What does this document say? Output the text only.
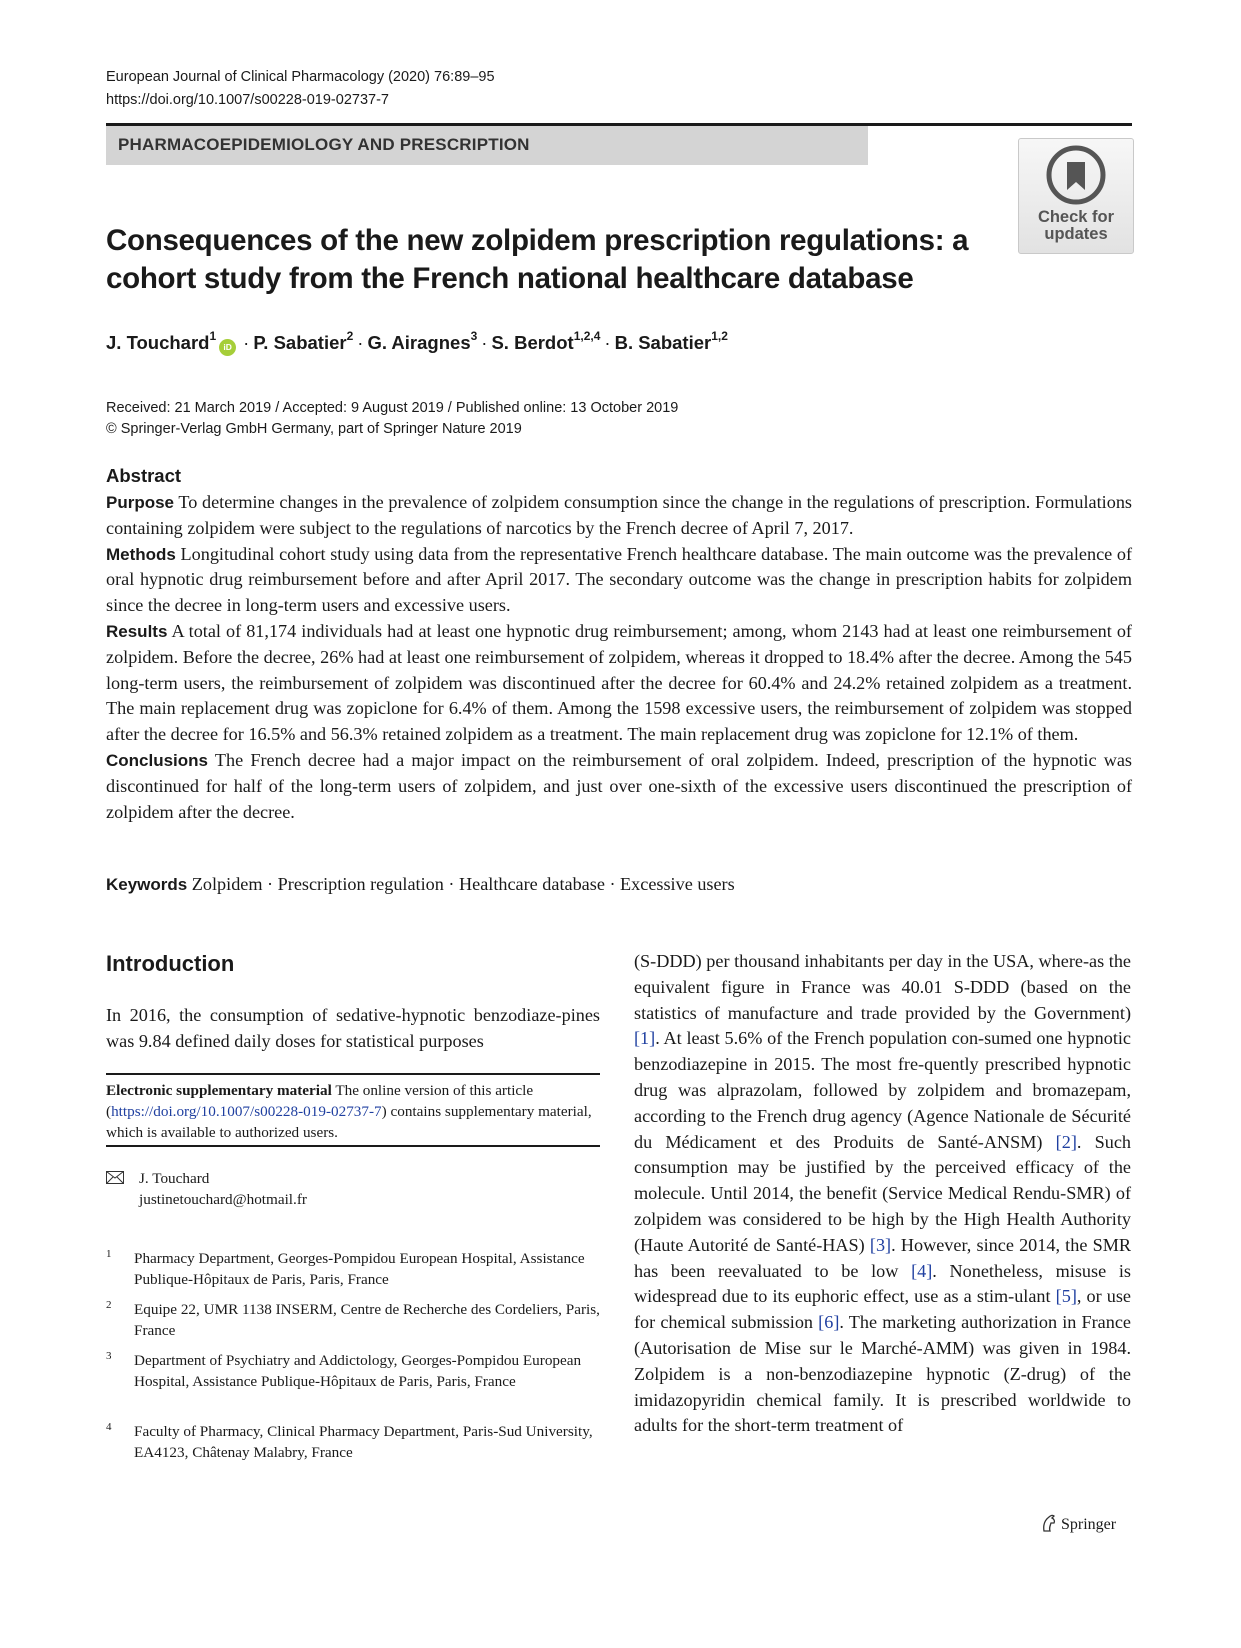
European Journal of Clinical Pharmacology (2020) 76:89–95
https://doi.org/10.1007/s00228-019-02737-7
PHARMACOEPIDEMIOLOGY AND PRESCRIPTION
Check for
updates
Consequences of the new zolpidem prescription regulations: a cohort study from the French national healthcare database
J. Touchard$^1$iD · P. Sabatier$^2$ · G. Airagnes$^3$ · S. Berdot$^{1,2,4}$ · B. Sabatier$^{1,2}$
Received: 21 March 2019 / Accepted: 9 August 2019 / Published online: 13 October 2019
© Springer-Verlag GmbH Germany, part of Springer Nature 2019
Abstract

Purpose To determine changes in the prevalence of zolpidem consumption since the change in the regulations of prescription. Formulations containing zolpidem were subject to the regulations of narcotics by the French decree of April 7, 2017.

Methods Longitudinal cohort study using data from the representative French healthcare database. The main outcome was the prevalence of oral hypnotic drug reimbursement before and after April 2017. The secondary outcome was the change in prescription habits for zolpidem since the decree in long-term users and excessive users.

Results A total of 81,174 individuals had at least one hypnotic drug reimbursement; among, whom 2143 had at least one reimbursement of zolpidem. Before the decree, 26% had at least one reimbursement of zolpidem, whereas it dropped to 18.4% after the decree. Among the 545 long-term users, the reimbursement of zolpidem was discontinued after the decree for 60.4% and 24.2% retained zolpidem as a treatment. The main replacement drug was zopiclone for 6.4% of them. Among the 1598 excessive users, the reimbursement of zolpidem was stopped after the decree for 16.5% and 56.3% retained zolpidem as a treatment. The main replacement drug was zopiclone for 12.1% of them.

Conclusions The French decree had a major impact on the reimbursement of oral zolpidem. Indeed, prescription of the hypnotic was discontinued for half of the long-term users of zolpidem, and just over one-sixth of the excessive users discontinued the prescription of zolpidem after the decree.

Keywords Zolpidem · Prescription regulation · Healthcare database · Excessive users
Introduction

In 2016, the consumption of sedative-hypnotic benzodiaze-pines was 9.84 defined daily doses for statistical purposes

Electronic supplementary material The online version of this article (https://doi.org/10.1007/s00228-019-02737-7) contains supplementary material, which is available to authorized users.

J. Touchard
justinetouchard@hotmail.fr
1 Pharmacy Department, Georges-Pompidou European Hospital, Assistance Publique-Hôpitaux de Paris, Paris, France
2 Equipe 22, UMR 1138 INSERM, Centre de Recherche des Cordeliers, Paris, France
3 Department of Psychiatry and Addictology, Georges-Pompidou European Hospital, Assistance Publique-Hôpitaux de Paris, Paris, France
4 Faculty of Pharmacy, Clinical Pharmacy Department, Paris-Sud University, EA4123, Châtenay Malabry, France

(S-DDD) per thousand inhabitants per day in the USA, where-as the equivalent figure in France was 40.01 S-DDD (based on the statistics of manufacture and trade provided by the Government) [1]. At least 5.6% of the French population con-sumed one hypnotic benzodiazepine in 2015. The most fre-quently prescribed hypnotic drug was alprazolam, followed by zolpidem and bromazepam, according to the French drug agency (Agence Nationale de Sécurité du Médicament et des Produits de Santé-ANSM) [2]. Such consumption may be justified by the perceived efficacy of the molecule. Until 2014, the benefit (Service Medical Rendu-SMR) of zolpidem was considered to be high by the High Health Authority (Haute Autorité de Santé-HAS) [3]. However, since 2014, the SMR has been reevaluated to be low [4]. Nonetheless, misuse is widespread due to its euphoric effect, use as a stim-ulant [5], or use for chemical submission [6]. The marketing authorization in France (Autorisation de Mise sur le Marché-AMM) was given in 1984. Zolpidem is a non-benzodiazepine hypnotic (Z-drug) of the imidazopyridin chemical family. It is prescribed worldwide to adults for the short-term treatment of

Springer
